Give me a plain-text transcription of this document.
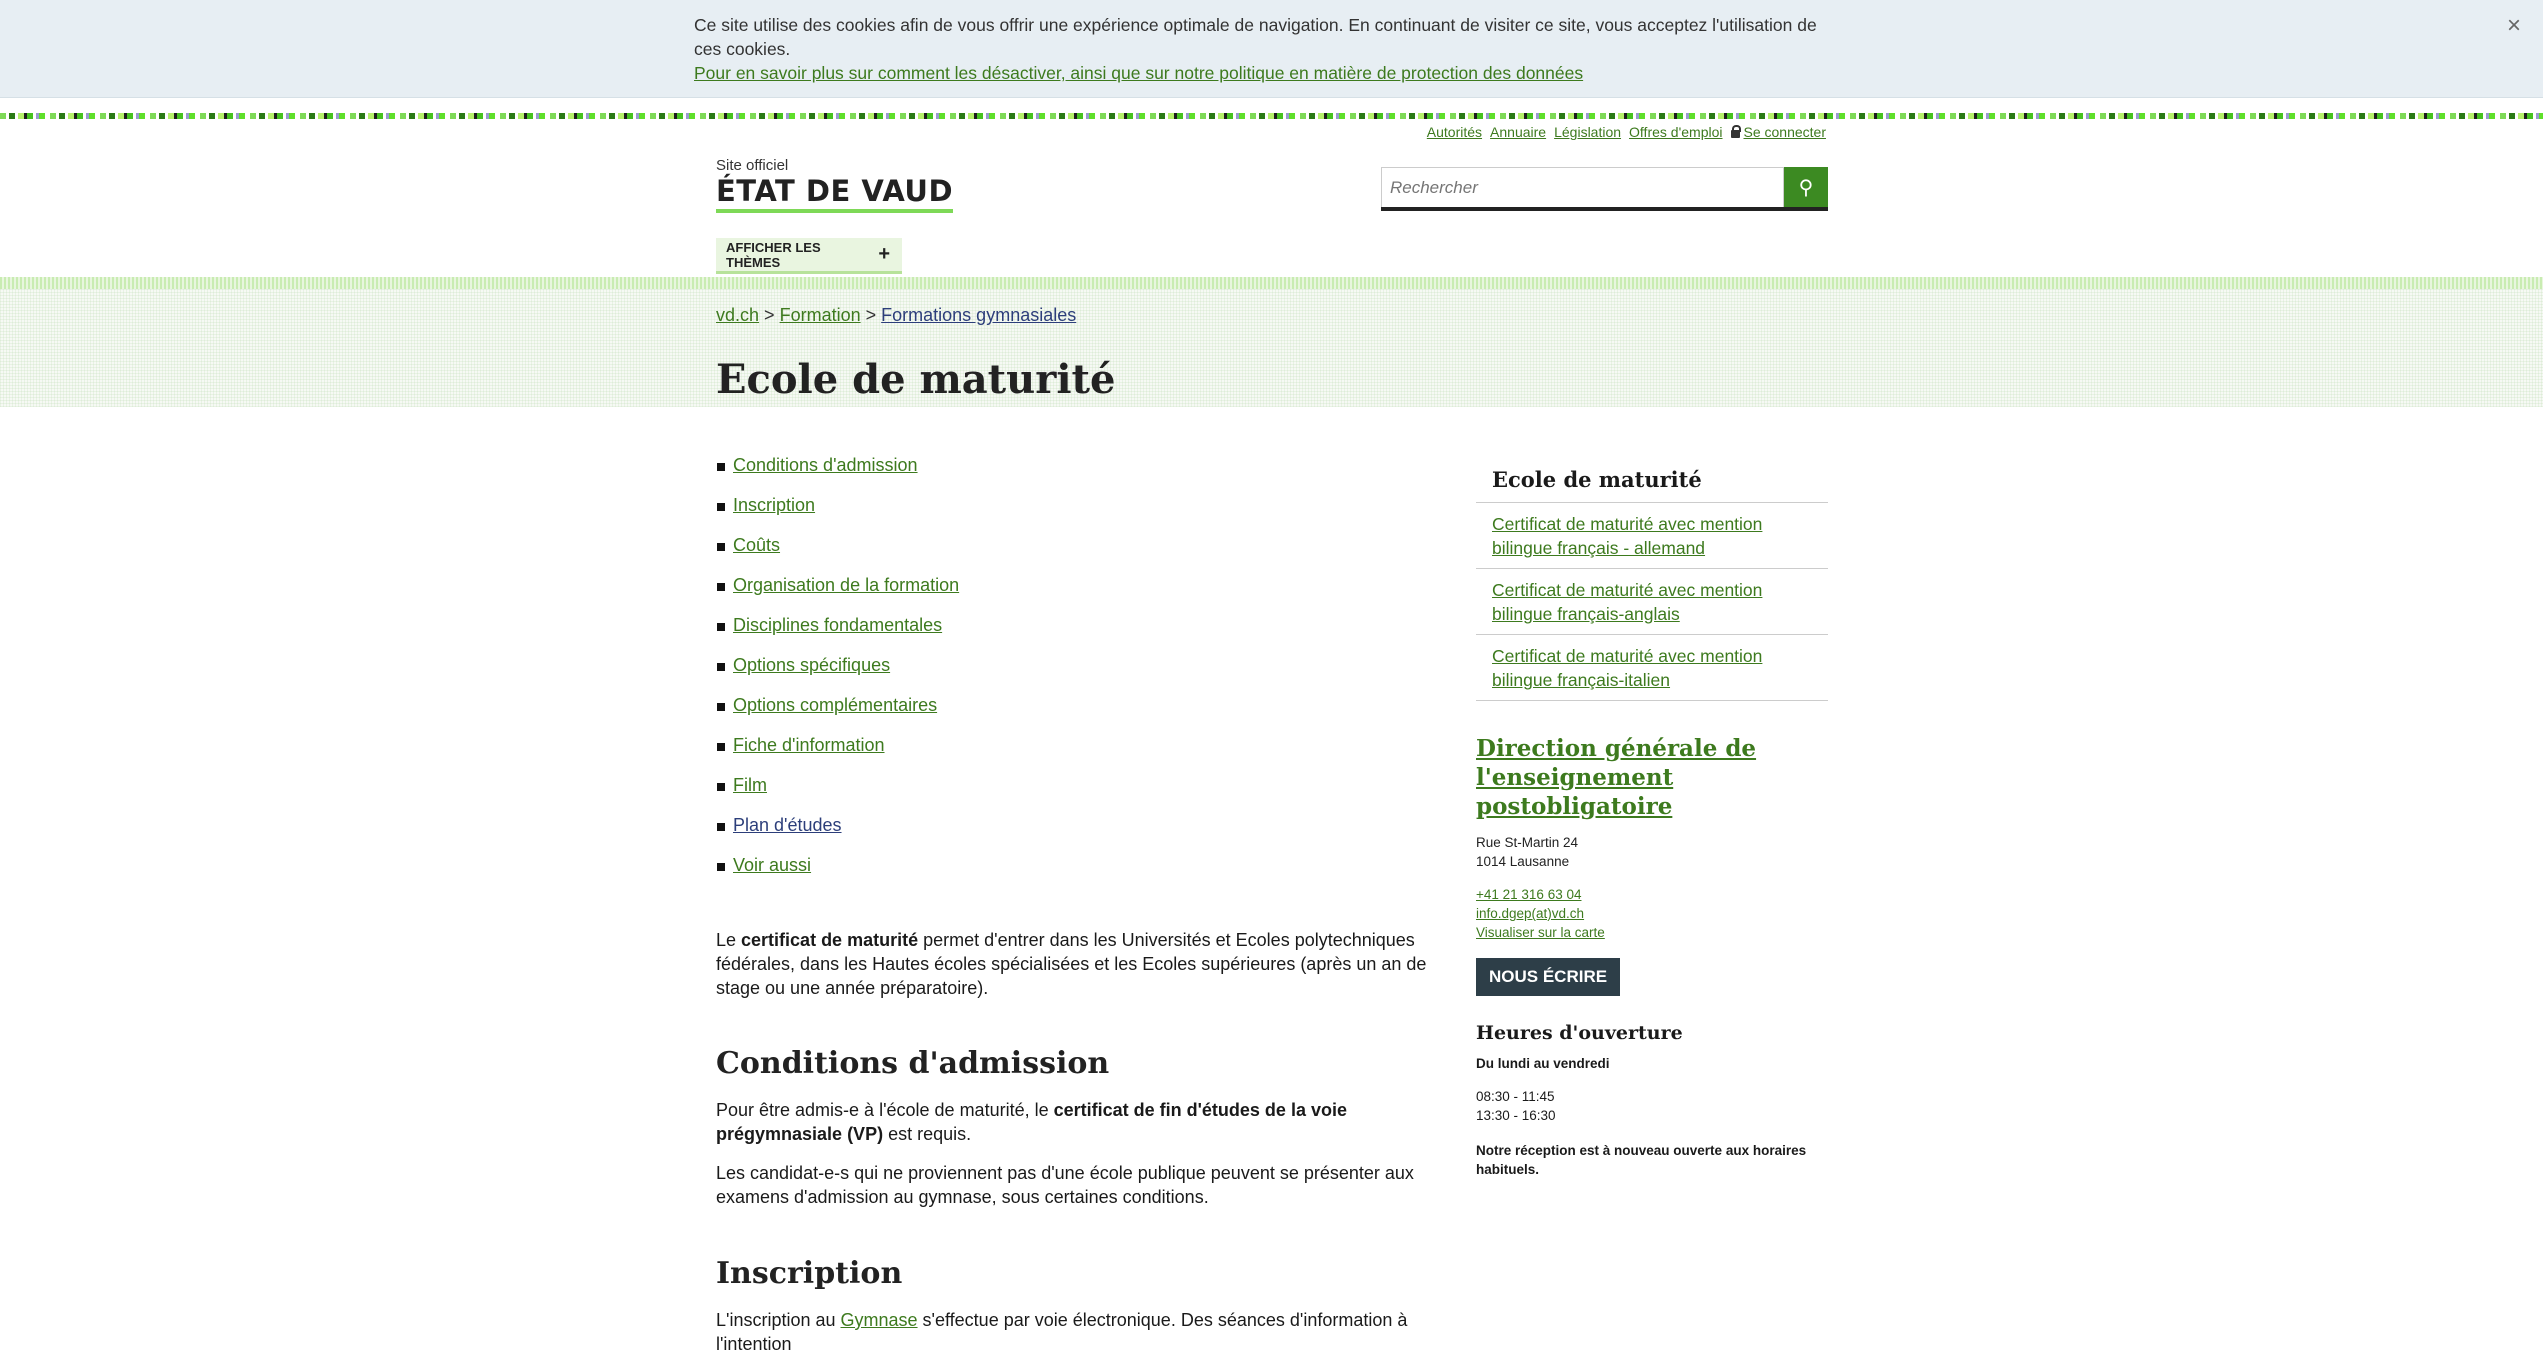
Ce site utilise des cookies afin de vous offrir une expérience optimale de navigation. En continuant de visiter ce site, vous acceptez l'utilisation de ces cookies.
Pour en savoir plus sur comment les désactiver, ainsi que sur notre politique en matière de protection des données
×
Autorités Annuaire Législation Offres d'emploi	Se connecter
Site officiel
ÉTAT DE VAUD
Rechercher	⚲
AFFICHER LES THÈMES	+
vd.ch > Formation > Formations gymnasiales
Ecole de maturité
Conditions d'admission
Inscription
Coûts
Organisation de la formation
Disciplines fondamentales
Options spécifiques
Options complémentaires
Fiche d'information
Film
Plan d'études
Voir aussi

Le certificat de maturité permet d'entrer dans les Universités et Ecoles polytechniques fédérales, dans les Hautes écoles spécialisées et les Ecoles supérieures (après un an de stage ou une année préparatoire).

Conditions d'admission

Pour être admis-e à l'école de maturité, le certificat de fin d'études de la voie prégymnasiale (VP) est requis.

Les candidat-e-s qui ne proviennent pas d'une école publique peuvent se présenter aux examens d'admission au gymnase, sous certaines conditions.

Inscription

L'inscription au Gymnase s'effectue par voie électronique. Des séances d'information à l'intention

Ecole de maturité
Certificat de maturité avec mention bilingue français - allemand
Certificat de maturité avec mention bilingue français-anglais
Certificat de maturité avec mention bilingue français-italien
Direction générale de l'enseignement postobligatoire
Rue St-Martin 24
1014 Lausanne
+41 21 316 63 04
info.dgep(at)vd.ch
Visualiser sur la carte
NOUS ÉCRIRE
Heures d'ouverture
Du lundi au vendredi
08:30 - 11:45
13:30 - 16:30
Notre réception est à nouveau ouverte aux horaires habituels.
